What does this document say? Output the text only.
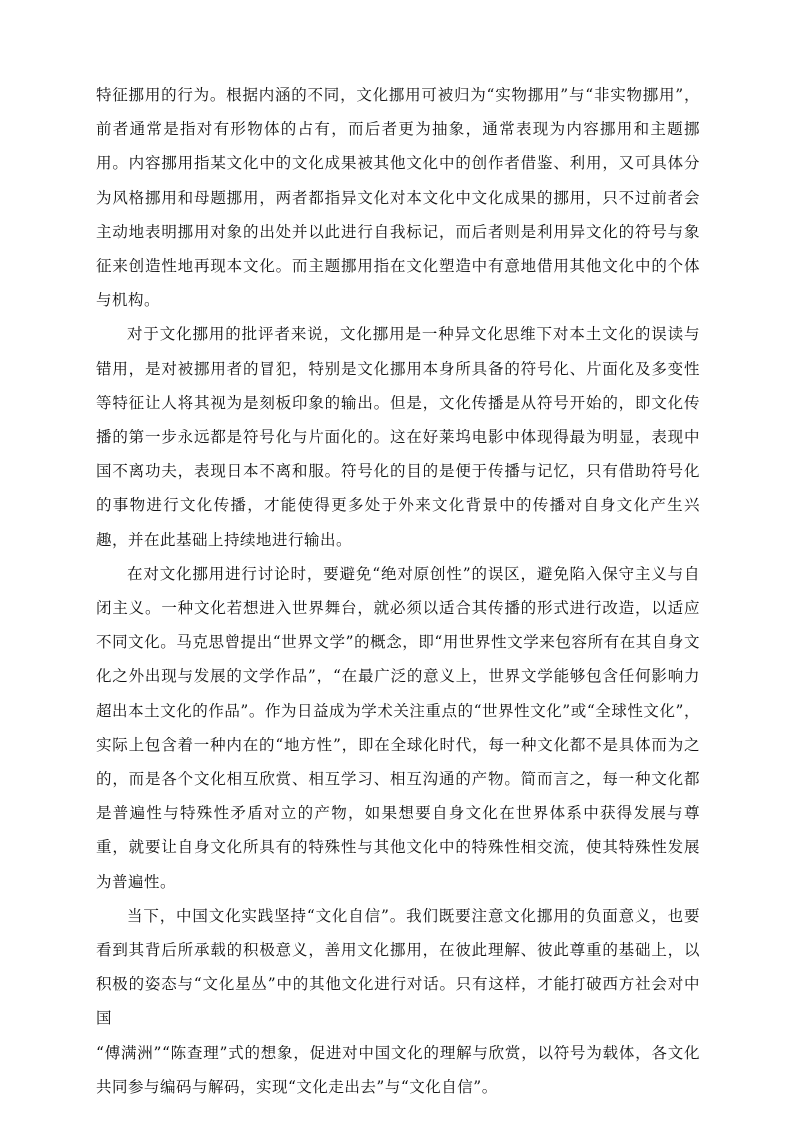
特征挪用的行为。根据内涵的不同，文化挪用可被归为“实物挪用”与“非实物挪用”，前者通常是指对有形物体的占有，而后者更为抽象，通常表现为内容挪用和主题挪用。内容挪用指某文化中的文化成果被其他文化中的创作者借鉴、利用，又可具体分为风格挪用和母题挪用，两者都指异文化对本文化中文化成果的挪用，只不过前者会主动地表明挪用对象的出处并以此进行自我标记，而后者则是利用异文化的符号与象征来创造性地再现本文化。而主题挪用指在文化塑造中有意地借用其他文化中的个体与机构。

对于文化挪用的批评者来说，文化挪用是一种异文化思维下对本土文化的误读与错用，是对被挪用者的冒犯，特别是文化挪用本身所具备的符号化、片面化及多变性等特征让人将其视为是刻板印象的输出。但是，文化传播是从符号开始的，即文化传播的第一步永远都是符号化与片面化的。这在好莱坞电影中体现得最为明显，表现中国不离功夫，表现日本不离和服。符号化的目的是便于传播与记忆，只有借助符号化的事物进行文化传播，才能使得更多处于外来文化背景中的传播对自身文化产生兴趣，并在此基础上持续地进行输出。

在对文化挪用进行讨论时，要避免“绝对原创性”的误区，避免陷入保守主义与自闭主义。一种文化若想进入世界舞台，就必须以适合其传播的形式进行改造，以适应不同文化。马克思曾提出“世界文学”的概念，即“用世界性文学来包容所有在其自身文化之外出现与发展的文学作品”，“在最广泛的意义上，世界文学能够包含任何影响力超出本土文化的作品”。作为日益成为学术关注重点的“世界性文化”或“全球性文化”，实际上包含着一种内在的“地方性”，即在全球化时代，每一种文化都不是具体而为之的，而是各个文化相互欣赏、相互学习、相互沟通的产物。简而言之，每一种文化都是普遍性与特殊性矛盾对立的产物，如果想要自身文化在世界体系中获得发展与尊重，就要让自身文化所具有的特殊性与其他文化中的特殊性相交流，使其特殊性发展为普遍性。

当下，中国文化实践坚持“文化自信”。我们既要注意文化挪用的负面意义，也要看到其背后所承载的积极意义，善用文化挪用，在彼此理解、彼此尊重的基础上，以积极的姿态与“文化星丛”中的其他文化进行对话。只有这样，才能打破西方社会对中国

“傅满洲”“陈查理”式的想象，促进对中国文化的理解与欣赏，以符号为载体，各文化共同参与编码与解码，实现“文化走出去”与“文化自信”。
